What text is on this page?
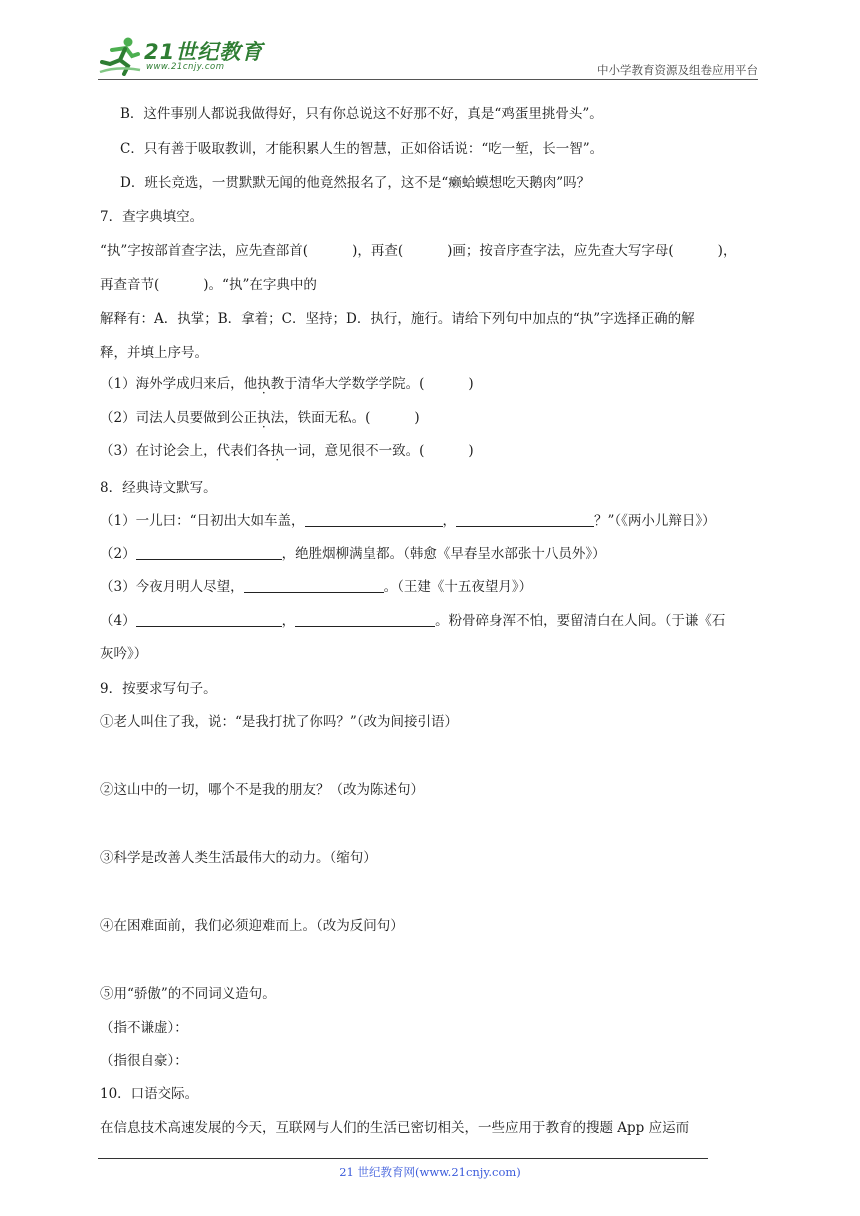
21世纪教育
www.21cnjy.com	中小学教育资源及组卷应用平台
B．这件事别人都说我做得好，只有你总说这不好那不好，真是“鸡蛋里挑骨头”。
C．只有善于吸取教训，才能积累人生的智慧，正如俗话说：“吃一堑，长一智”。
D．班长竞选，一贯默默无闻的他竟然报名了，这不是“癞蛤蟆想吃天鹅肉”吗？
7．查字典填空。
“执”字按部首查字法，应先查部首(	)，再查(	)画；按音序查字法，应先查大写字母(	)，
再查音节(	)。“执”在字典中的
解释有：A．执掌；B．拿着；C．坚持；D．执行，施行。请给下列句中加点的“执”字选择正确的解
释，并填上序号。
（1）海外学成归来后，他执教于清华大学数学学院。(	)
（2）司法人员要做到公正执法，铁面无私。(	)
（3）在讨论会上，代表们各执一词，意见很不一致。(	)
8．经典诗文默写。
（1）一儿曰：“日初出大如车盖，	，	？”（《两小儿辩日》）
（2）	，绝胜烟柳满皇都。（韩愈《早春呈水部张十八员外》）
（3）今夜月明人尽望，	。（王建《十五夜望月》）
（4）	，	。粉骨碎身浑不怕，要留清白在人间。（于谦《石
灰吟》）
9．按要求写句子。
①老人叫住了我，说：“是我打扰了你吗？”（改为间接引语）
②这山中的一切，哪个不是我的朋友？（改为陈述句）
③科学是改善人类生活最伟大的动力。（缩句）
④在困难面前，我们必须迎难而上。（改为反问句）
⑤用“骄傲”的不同词义造句。
（指不谦虚）：
（指很自豪）：
10．口语交际。
在信息技术高速发展的今天，互联网与人们的生活已密切相关，一些应用于教育的搜题 App 应运而
21 世纪教育网(www.21cnjy.com)
